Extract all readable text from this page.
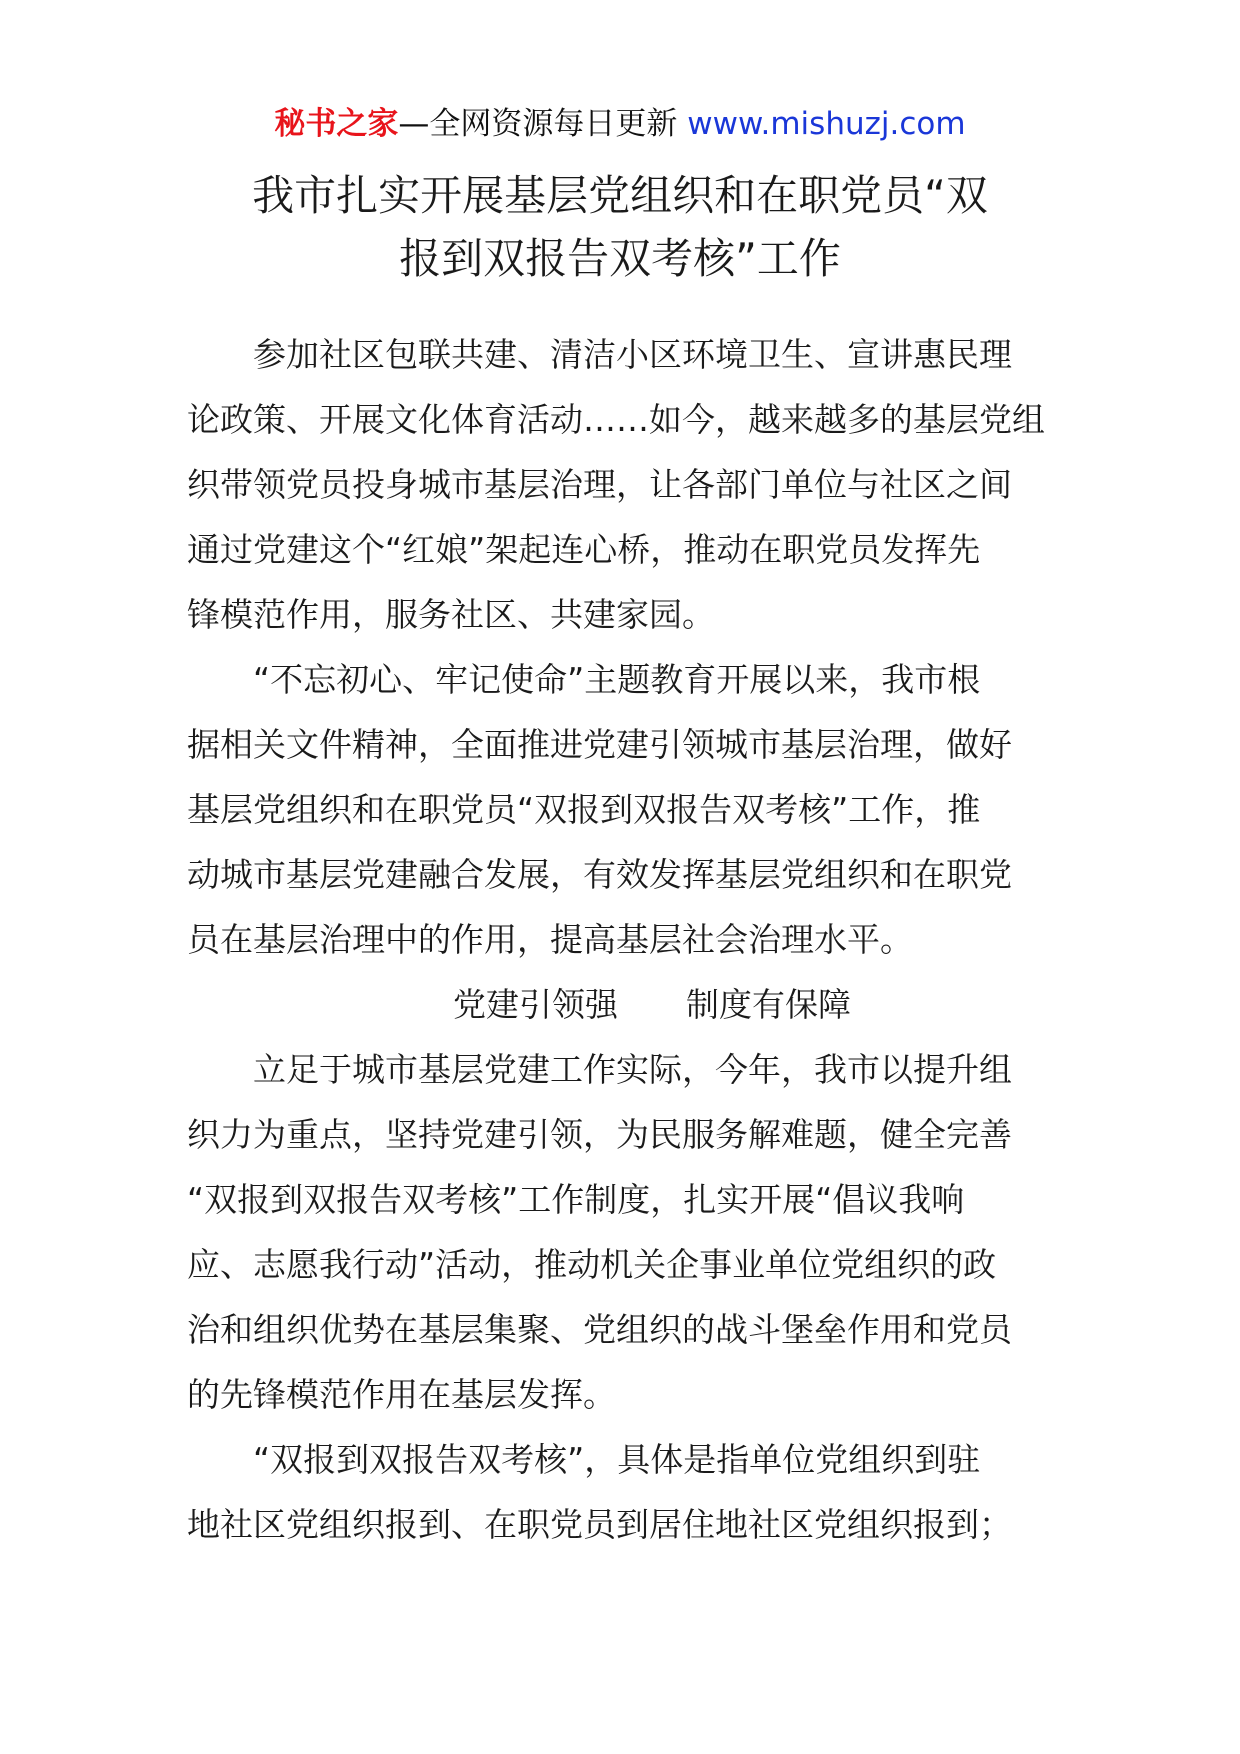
秘书之家—全网资源每日更新 www.mishuzj.com

我市扎实开展基层党组织和在职党员“双

报到双报告双考核”工作

参加社区包联共建、清洁小区环境卫生、宣讲惠民理

论政策、开展文化体育活动……如今，越来越多的基层党组

织带领党员投身城市基层治理，让各部门单位与社区之间

通过党建这个“红娘”架起连心桥，推动在职党员发挥先

锋模范作用，服务社区、共建家园。

“不忘初心、牢记使命”主题教育开展以来，我市根

据相关文件精神，全面推进党建引领城市基层治理，做好

基层党组织和在职党员“双报到双报告双考核”工作，推

动城市基层党建融合发展，有效发挥基层党组织和在职党

员在基层治理中的作用，提高基层社会治理水平。

党建引领强 制度有保障

立足于城市基层党建工作实际，今年，我市以提升组

织力为重点，坚持党建引领，为民服务解难题，健全完善

“双报到双报告双考核”工作制度，扎实开展“倡议我响

应、志愿我行动”活动，推动机关企事业单位党组织的政

治和组织优势在基层集聚、党组织的战斗堡垒作用和党员

的先锋模范作用在基层发挥。

“双报到双报告双考核”，具体是指单位党组织到驻

地社区党组织报到、在职党员到居住地社区党组织报到；
